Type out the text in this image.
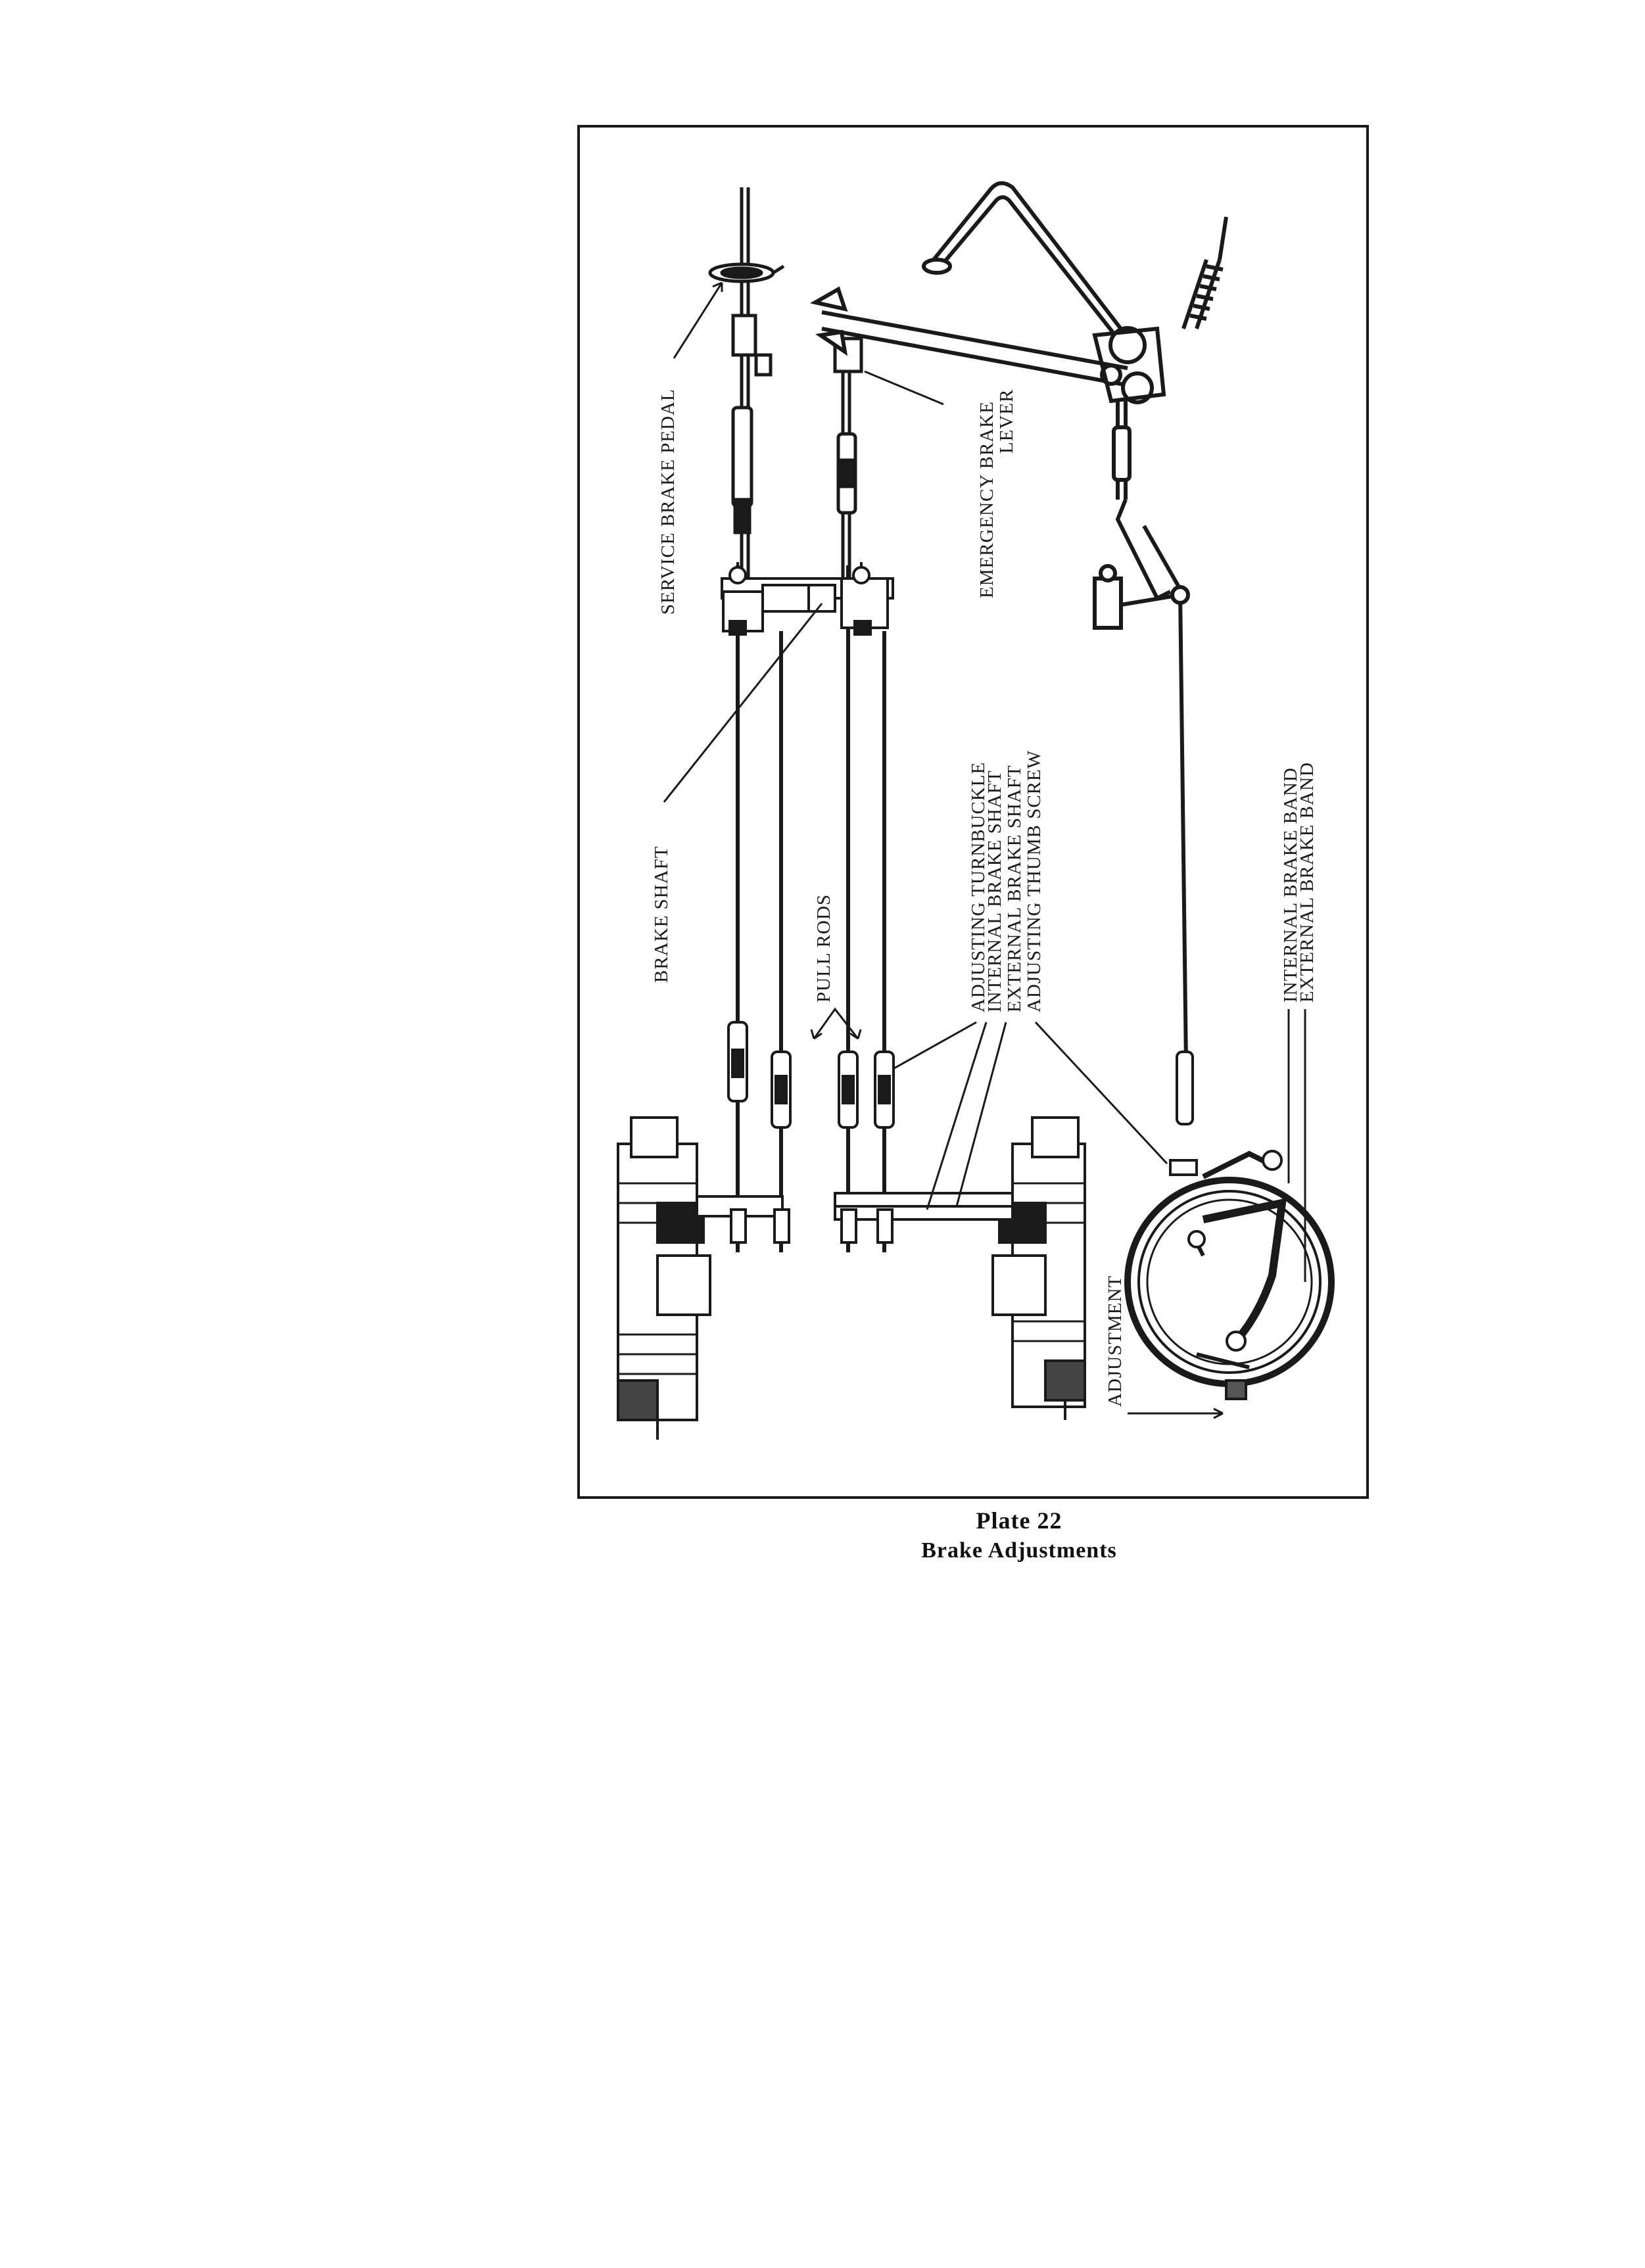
SERVICE BRAKE PEDAL	EMERGENCY BRAKE
LEVER
BRAKE SHAFT	PULL RODS	ADJUSTING TURNBUCKLE
INTERNAL BRAKE SHAFT
EXTERNAL BRAKE SHAFT
ADJUSTING THUMB SCREW	INTERNAL BRAKE BAND
EXTERNAL BRAKE BAND
ADJUSTMENT
Plate 22
Brake Adjustments
